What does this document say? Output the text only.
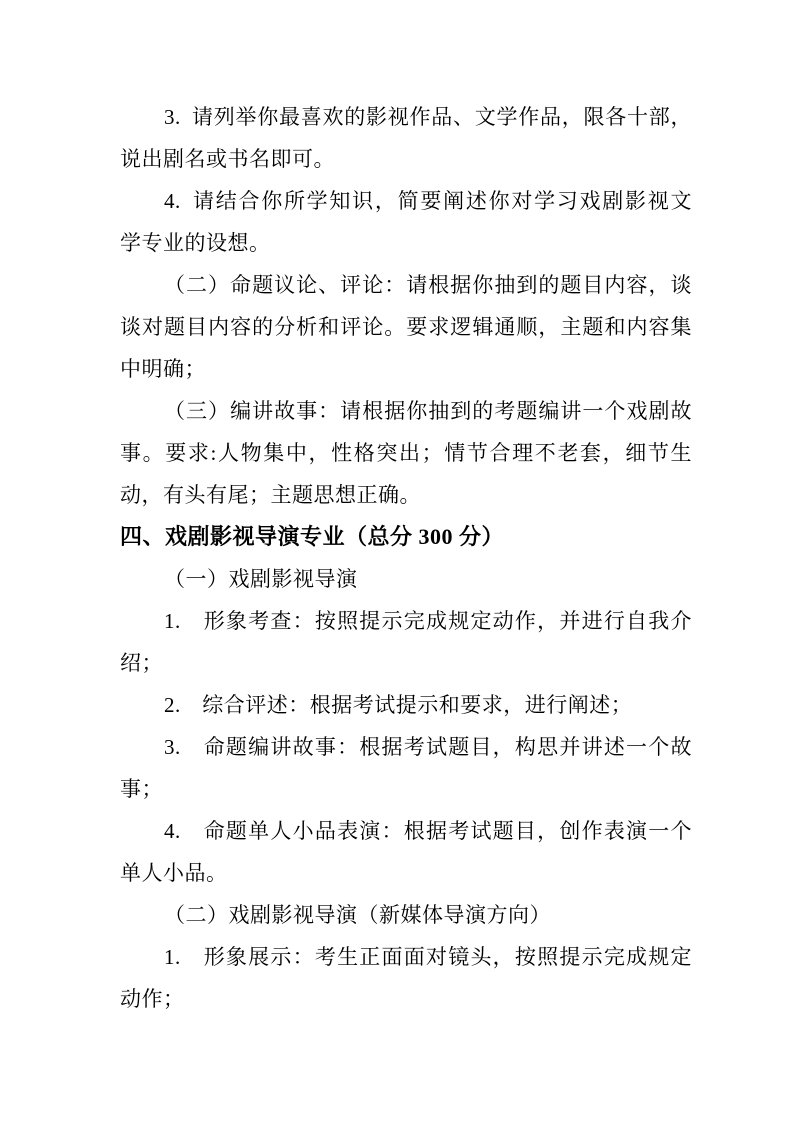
3. 请列举你最喜欢的影视作品、文学作品，限各十部，
说出剧名或书名即可。
4. 请结合你所学知识，简要阐述你对学习戏剧影视文
学专业的设想。
（二）命题议论、评论：请根据你抽到的题目内容，谈
谈对题目内容的分析和评论。要求逻辑通顺，主题和内容集
中明确；
（三）编讲故事：请根据你抽到的考题编讲一个戏剧故
事。要求:人物集中，性格突出；情节合理不老套，细节生
动，有头有尾；主题思想正确。
四、戏剧影视导演专业（总分 300 分）
（一）戏剧影视导演
1.　形象考查：按照提示完成规定动作，并进行自我介
绍；
2.　综合评述：根据考试提示和要求，进行阐述；
3.　命题编讲故事：根据考试题目，构思并讲述一个故
事；
4.　命题单人小品表演：根据考试题目，创作表演一个
单人小品。
（二）戏剧影视导演（新媒体导演方向）
1.　形象展示：考生正面面对镜头，按照提示完成规定
动作；
